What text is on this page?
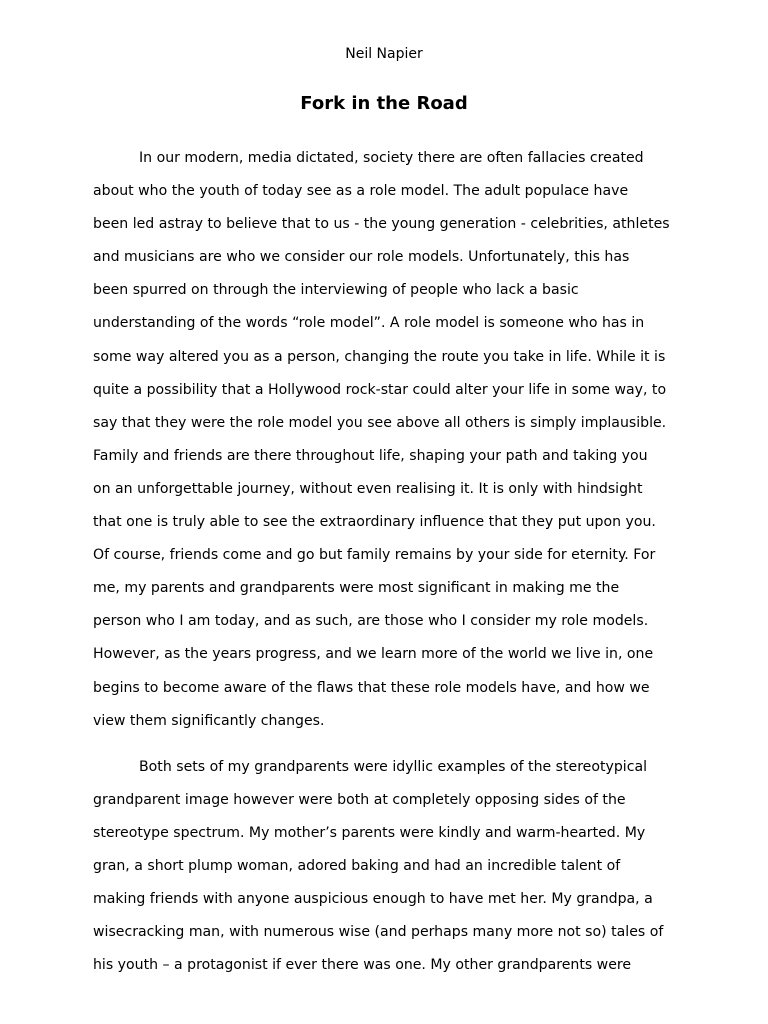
Neil Napier
Fork in the Road
In our modern, media dictated, society there are often fallacies created
about who the youth of today see as a role model. The adult populace have
been led astray to believe that to us - the young generation - celebrities, athletes
and musicians are who we consider our role models. Unfortunately, this has
been spurred on through the interviewing of people who lack a basic
understanding of the words “role model”. A role model is someone who has in
some way altered you as a person, changing the route you take in life. While it is
quite a possibility that a Hollywood rock-star could alter your life in some way, to
say that they were the role model you see above all others is simply implausible.
Family and friends are there throughout life, shaping your path and taking you
on an unforgettable journey, without even realising it. It is only with hindsight
that one is truly able to see the extraordinary influence that they put upon you.
Of course, friends come and go but family remains by your side for eternity. For
me, my parents and grandparents were most significant in making me the
person who I am today, and as such, are those who I consider my role models.
However, as the years progress, and we learn more of the world we live in, one
begins to become aware of the flaws that these role models have, and how we
view them significantly changes.
Both sets of my grandparents were idyllic examples of the stereotypical
grandparent image however were both at completely opposing sides of the
stereotype spectrum. My mother’s parents were kindly and warm-hearted. My
gran, a short plump woman, adored baking and had an incredible talent of
making friends with anyone auspicious enough to have met her. My grandpa, a
wisecracking man, with numerous wise (and perhaps many more not so) tales of
his youth – a protagonist if ever there was one. My other grandparents were
